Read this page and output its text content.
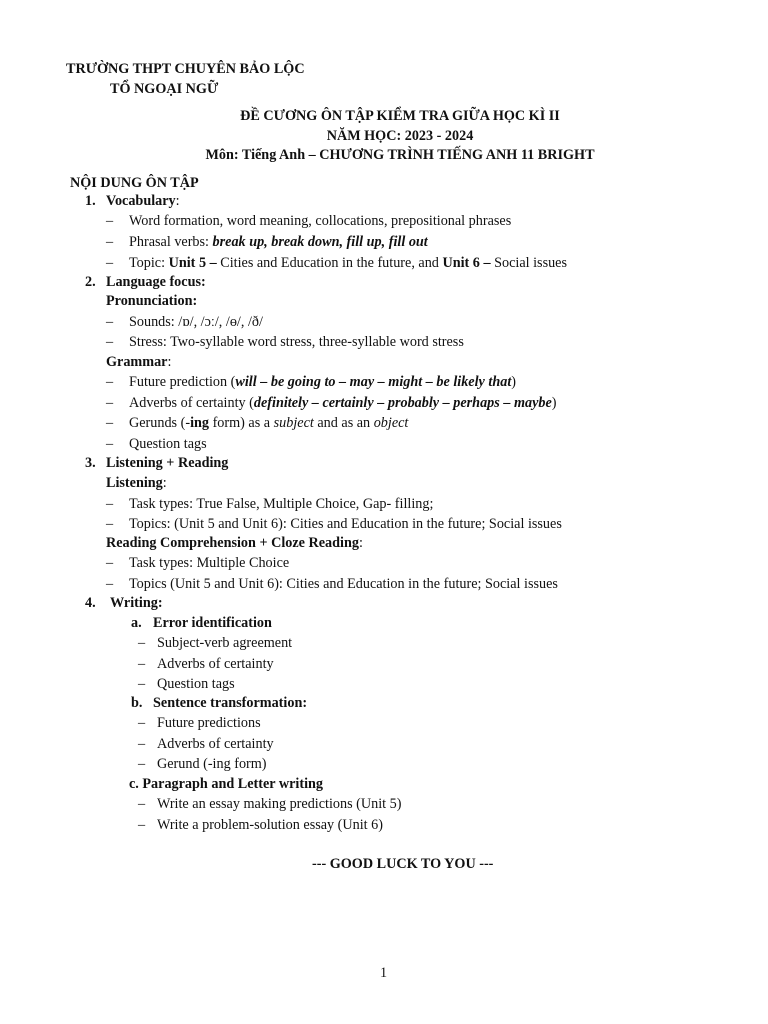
TRƯỜNG THPT CHUYÊN BẢO LỘC
TỔ NGOẠI NGỮ
ĐỀ CƯƠNG ÔN TẬP KIỂM TRA GIỮA HỌC KÌ II
NĂM HỌC: 2023 - 2024
Môn: Tiếng Anh – CHƯƠNG TRÌNH TIẾNG ANH 11 BRIGHT
NỘI DUNG ÔN TẬP
1. Vocabulary:
– Word formation, word meaning, collocations, prepositional phrases
– Phrasal verbs: break up, break down, fill up, fill out
– Topic: Unit 5 – Cities and Education in the future, and Unit 6 – Social issues
2. Language focus:
Pronunciation:
– Sounds: /ɒ/, /ɔː/, /ɵ/, /ð/
– Stress: Two-syllable word stress, three-syllable word stress
Grammar:
– Future prediction (will – be going to – may – might – be likely that)
– Adverbs of certainty (definitely – certainly – probably – perhaps – maybe)
– Gerunds (-ing form) as a subject and as an object
– Question tags
3. Listening + Reading
Listening:
– Task types: True False, Multiple Choice, Gap- filling;
– Topics: (Unit 5 and Unit 6): Cities and Education in the future; Social issues
Reading Comprehension + Cloze Reading:
– Task types: Multiple Choice
– Topics (Unit 5 and Unit 6): Cities and Education in the future; Social issues
4. Writing:
a. Error identification
– Subject-verb agreement
– Adverbs of certainty
– Question tags
b. Sentence transformation:
– Future predictions
– Adverbs of certainty
– Gerund (-ing form)
c. Paragraph and Letter writing
– Write an essay making predictions (Unit 5)
– Write a problem-solution essay (Unit 6)
--- GOOD LUCK TO YOU ---
1
